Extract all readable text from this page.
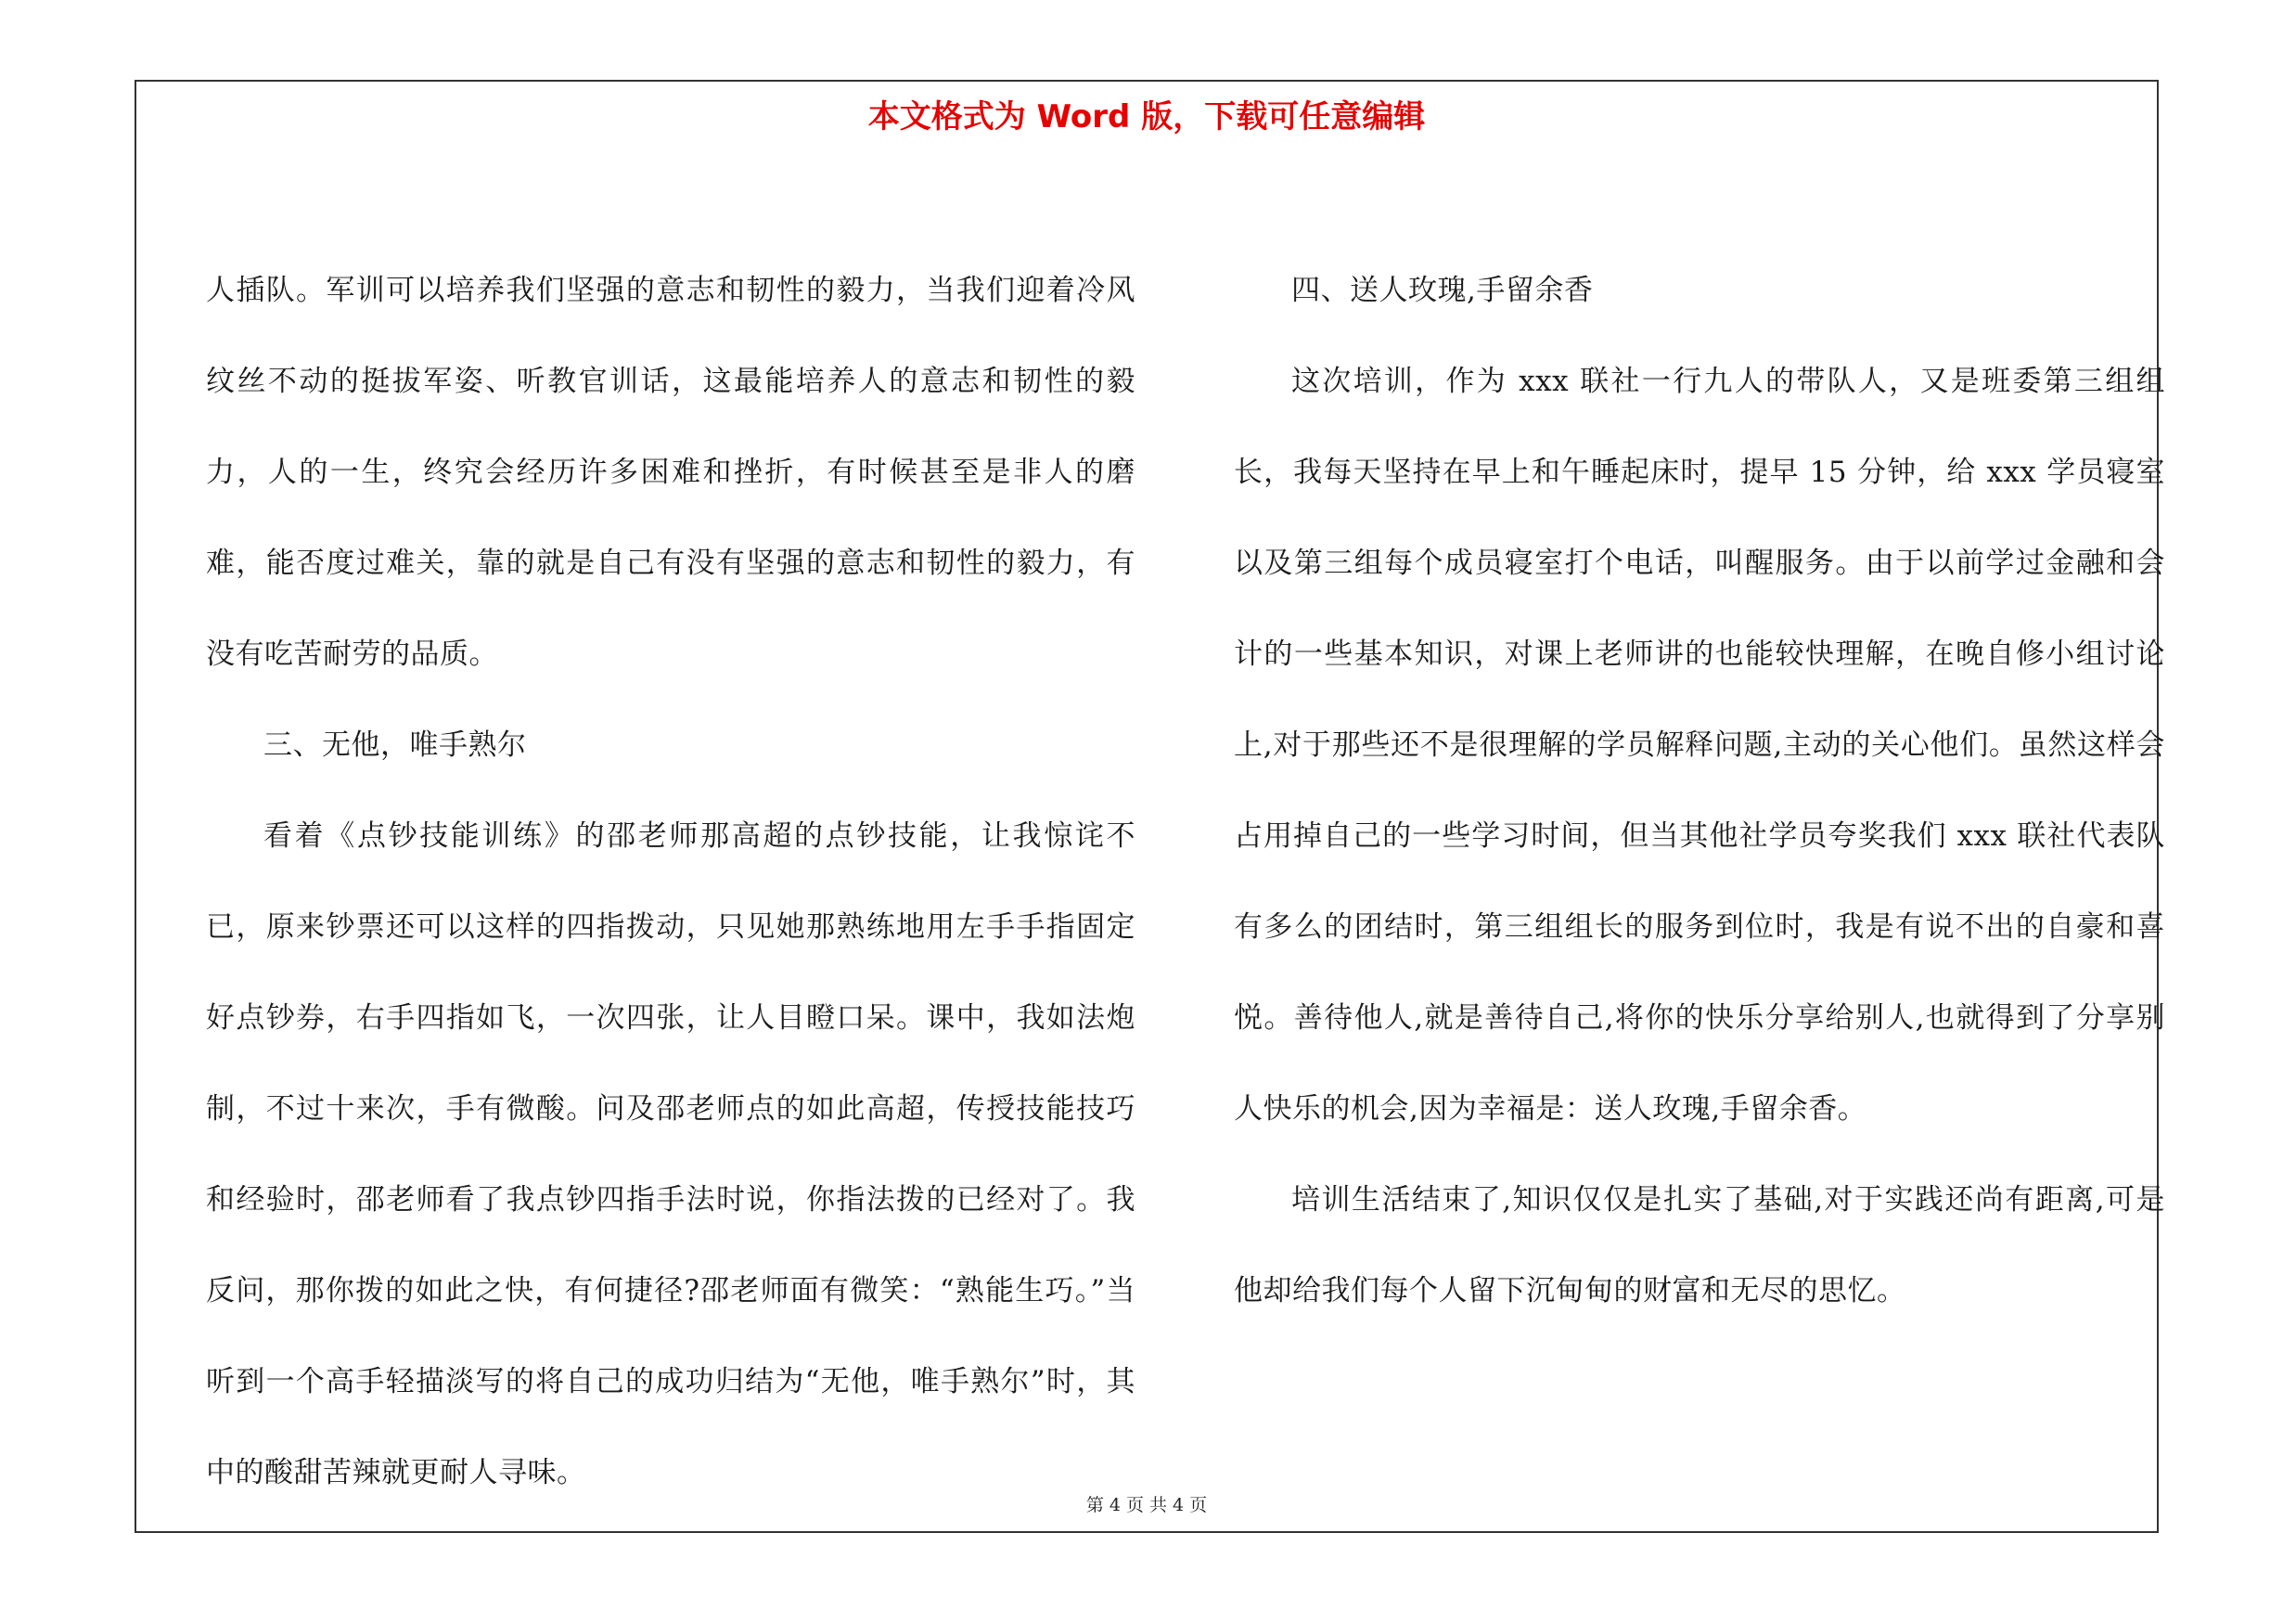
本文格式为 Word 版，下载可任意编辑

人插队。军训可以培养我们坚强的意志和韧性的毅力，当我们迎着冷风纹丝不动的挺拔军姿、听教官训话，这最能培养人的意志和韧性的毅力，人的一生，终究会经历许多困难和挫折，有时候甚至是非人的磨难，能否度过难关，靠的就是自己有没有坚强的意志和韧性的毅力，有没有吃苦耐劳的品质。

三、无他，唯手熟尔

看着《点钞技能训练》的邵老师那高超的点钞技能，让我惊诧不已，原来钞票还可以这样的四指拨动，只见她那熟练地用左手手指固定好点钞券，右手四指如飞，一次四张，让人目瞪口呆。课中，我如法炮制，不过十来次，手有微酸。问及邵老师点的如此高超，传授技能技巧和经验时，邵老师看了我点钞四指手法时说，你指法拨的已经对了。我反问，那你拨的如此之快，有何捷径?邵老师面有微笑：“熟能生巧。”当听到一个高手轻描淡写的将自己的成功归结为“无他，唯手熟尔”时，其中的酸甜苦辣就更耐人寻味。

四、送人玫瑰,手留余香

这次培训，作为 xxx 联社一行九人的带队人，又是班委第三组组长，我每天坚持在早上和午睡起床时，提早 15 分钟，给 xxx 学员寝室以及第三组每个成员寝室打个电话，叫醒服务。由于以前学过金融和会计的一些基本知识，对课上老师讲的也能较快理解，在晚自修小组讨论上,对于那些还不是很理解的学员解释问题,主动的关心他们。虽然这样会占用掉自己的一些学习时间，但当其他社学员夸奖我们 xxx 联社代表队有多么的团结时，第三组组长的服务到位时，我是有说不出的自豪和喜悦。善待他人,就是善待自己,将你的快乐分享给别人,也就得到了分享别人快乐的机会,因为幸福是：送人玫瑰,手留余香。

培训生活结束了,知识仅仅是扎实了基础,对于实践还尚有距离,可是他却给我们每个人留下沉甸甸的财富和无尽的思忆。

第 4 页 共 4 页
